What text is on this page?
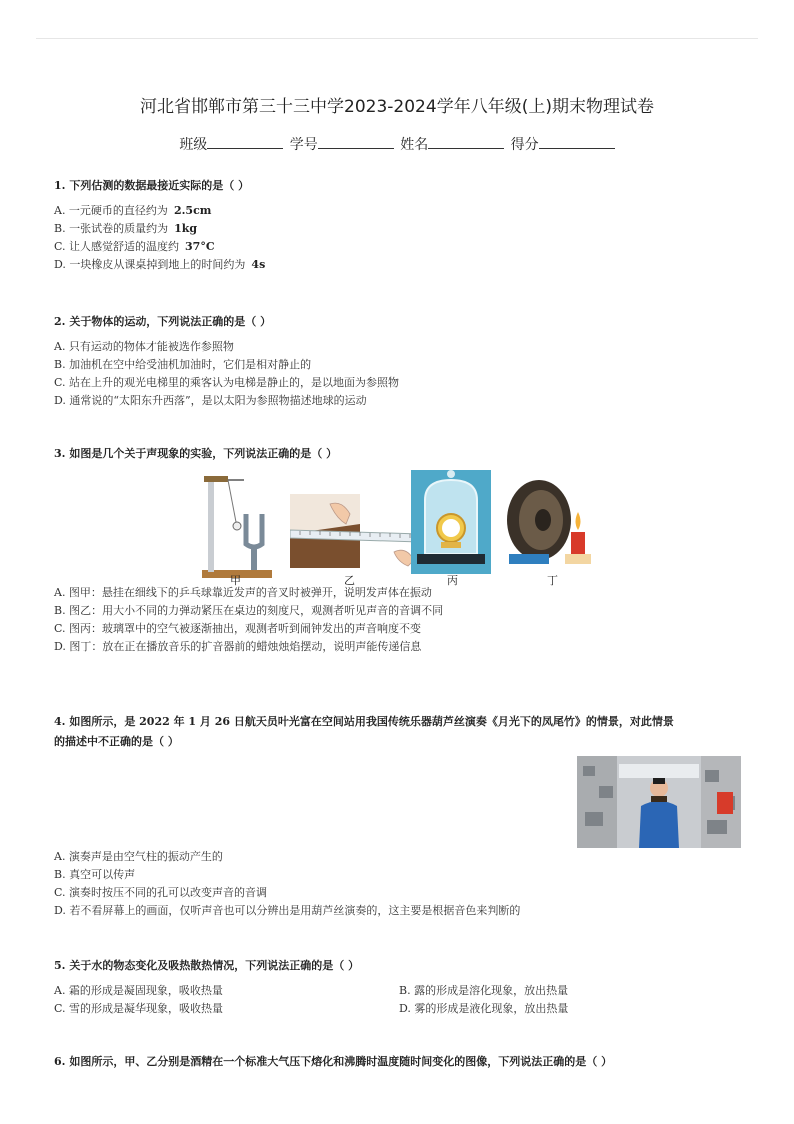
河北省邯郸市第三十三中学2023-2024学年八年级(上)期末物理试卷
班级	学号	姓名	得分
1. 下列估测的数据最接近实际的是（ ）
A. 一元硬币的直径约为 2.5cm
B. 一张试卷的质量约为 1kg
C. 让人感觉舒适的温度约 37°C
D. 一块橡皮从课桌掉到地上的时间约为 4s
2. 关于物体的运动，下列说法正确的是（ ）
A. 只有运动的物体才能被选作参照物
B. 加油机在空中给受油机加油时，它们是相对静止的
C. 站在上升的观光电梯里的乘客认为电梯是静止的，是以地面为参照物
D. 通常说的“太阳东升西落”，是以太阳为参照物描述地球的运动
3. 如图是几个关于声现象的实验，下列说法正确的是（ ）
甲	乙	丙	丁
A. 图甲：悬挂在细线下的乒乓球靠近发声的音叉时被弹开，说明发声体在振动
B. 图乙：用大小不同的力弹动紧压在桌边的刻度尺，观测者听见声音的音调不同
C. 图丙：玻璃罩中的空气被逐渐抽出，观测者听到闹钟发出的声音响度不变
D. 图丁：放在正在播放音乐的扩音器前的蜡烛烛焰摆动，说明声能传递信息
4. 如图所示，是 2022 年 1 月 26 日航天员叶光富在空间站用我国传统乐器葫芦丝演奏《月光下的凤尾竹》的情景，对此情景
的描述中不正确的是（ ）
A. 演奏声是由空气柱的振动产生的
B. 真空可以传声
C. 演奏时按压不同的孔可以改变声音的音调
D. 若不看屏幕上的画面，仅听声音也可以分辨出是用葫芦丝演奏的，这主要是根据音色来判断的
5. 关于水的物态变化及吸热散热情况，下列说法正确的是（ ）
A. 霜的形成是凝固现象，吸收热量	B. 露的形成是溶化现象，放出热量
C. 雪的形成是凝华现象，吸收热量	D. 雾的形成是液化现象，放出热量
6. 如图所示，甲、乙分别是酒精在一个标准大气压下熔化和沸腾时温度随时间变化的图像，下列说法正确的是（ ）
